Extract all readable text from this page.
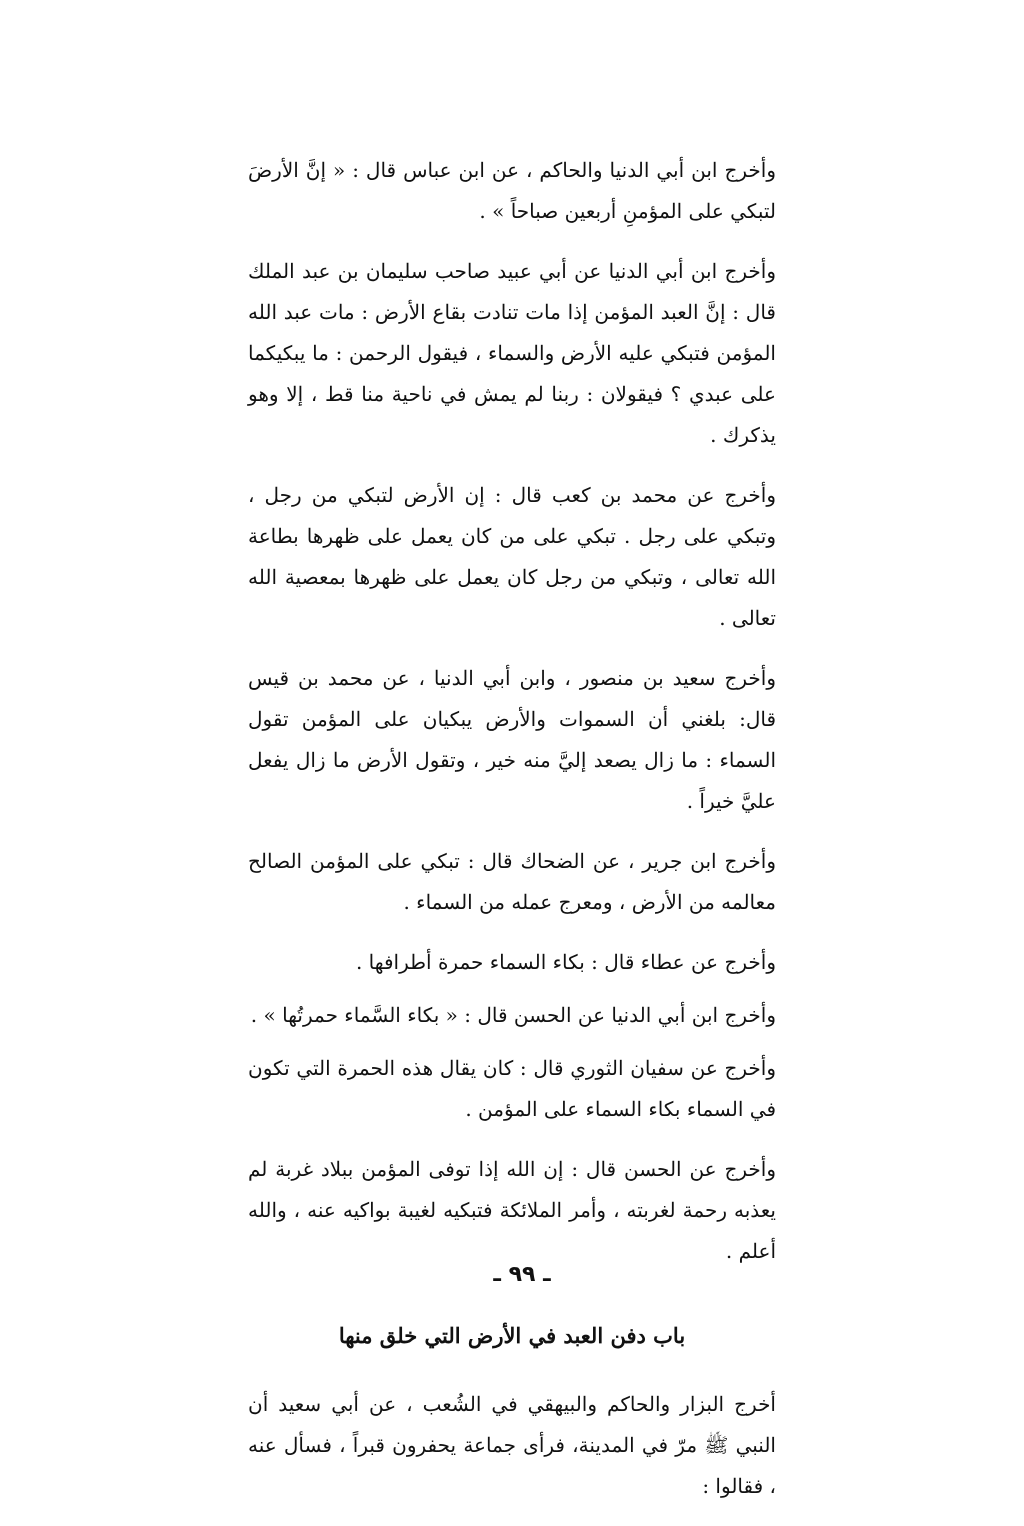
وأخرج ابن أبي الدنيا والحاكم ، عن ابن عباس قال : « إنَّ الأرضَ لتبكي على المؤمنِ أربعين صباحاً » .

وأخرج ابن أبي الدنيا عن أبي عبيد صاحب سليمان بن عبد الملك قال : إنَّ العبد المؤمن إذا مات تنادت بقاع الأرض : مات عبد الله المؤمن فتبكي عليه الأرض والسماء ، فيقول الرحمن : ما يبكيكما على عبدي ؟ فيقولان : ربنا لم يمش في ناحية منا قط ، إلا وهو يذكرك .

وأخرج عن محمد بن كعب قال : إن الأرض لتبكي من رجل ، وتبكي على رجل . تبكي على من كان يعمل على ظهرها بطاعة الله تعالى ، وتبكي من رجل كان يعمل على ظهرها بمعصية الله تعالى .

وأخرج سعيد بن منصور ، وابن أبي الدنيا ، عن محمد بن قيس قال: بلغني أن السموات والأرض يبكيان على المؤمن تقول السماء : ما زال يصعد إليَّ منه خير ، وتقول الأرض ما زال يفعل عليَّ خيراً .

وأخرج ابن جرير ، عن الضحاك قال : تبكي على المؤمن الصالح معالمه من الأرض ، ومعرج عمله من السماء .

وأخرج عن عطاء قال : بكاء السماء حمرة أطرافها .

وأخرج ابن أبي الدنيا عن الحسن قال : « بكاء السَّماء حمرتُها » .

وأخرج عن سفيان الثوري قال : كان يقال هذه الحمرة التي تكون في السماء بكاء السماء على المؤمن .

وأخرج عن الحسن قال : إن الله إذا توفى المؤمن ببلاد غربة لم يعذبه رحمة لغربته ، وأمر الملائكة فتبكيه لغيبة بواكيه عنه ، والله أعلم .

باب دفن العبد في الأرض التي خلق منها

أخرج البزار والحاكم والبيهقي في الشُعب ، عن أبي سعيد أن النبي ﷺ مرّ في المدينة، فرأى جماعة يحفرون قبراً ، فسأل عنه ، فقالوا :

ـ ٩٩ ـ
